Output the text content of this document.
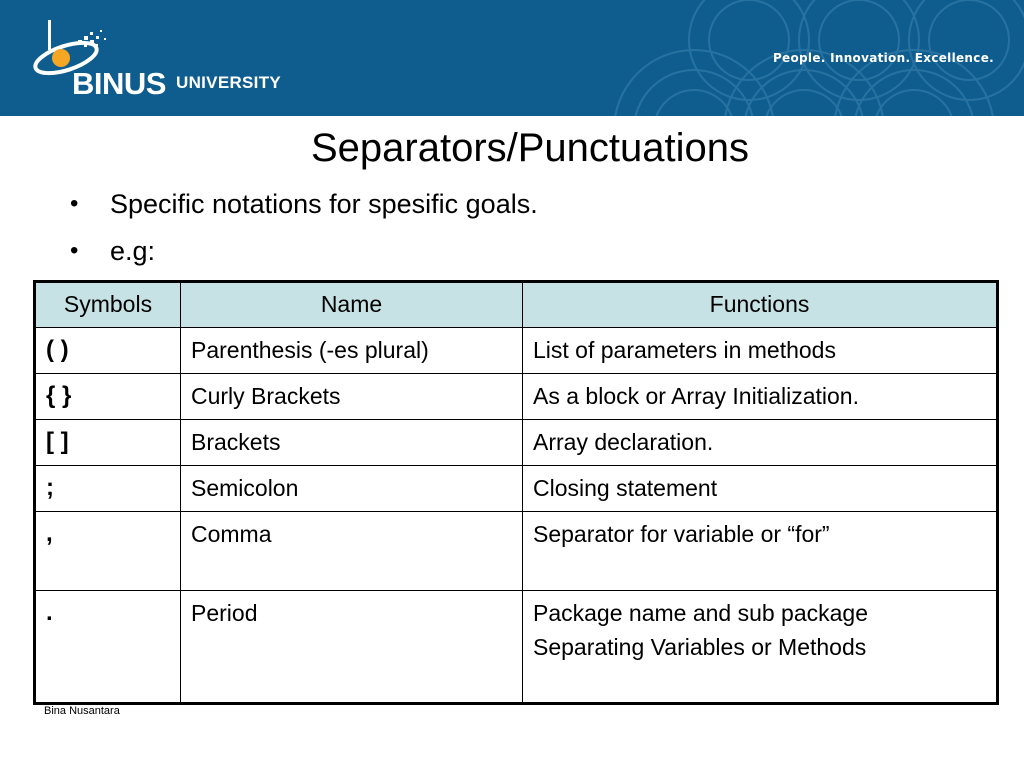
BINUS UNIVERSITY
People. Innovation. Excellence.
Separators/Punctuations
• Specific notations for spesific goals.
• e.g:
Symbols	Name	Functions
( )	Parenthesis (-es plural)	List of parameters in methods
{ }	Curly Brackets	As a block or Array Initialization.
[ ]	Brackets	Array declaration.
;	Semicolon	Closing statement
,	Comma	Separator for variable or “for”
.	Period	Package name and sub package
Separating Variables or Methods
Bina Nusantara
